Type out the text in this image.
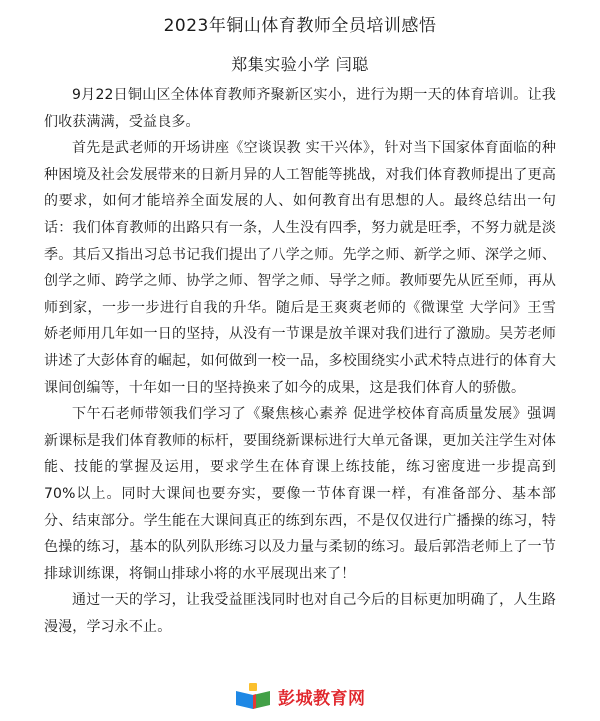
2023年铜山体育教师全员培训感悟
郑集实验小学 闫聪

9月22日铜山区全体体育教师齐聚新区实小，进行为期一天的体育培训。让我们收获满满，受益良多。

首先是武老师的开场讲座《空谈误教 实干兴体》，针对当下国家体育面临的种种困境及社会发展带来的日新月异的人工智能等挑战，对我们体育教师提出了更高的要求，如何才能培养全面发展的人、如何教育出有思想的人。最终总结出一句话：我们体育教师的出路只有一条，人生没有四季，努力就是旺季，不努力就是淡季。其后又指出习总书记我们提出了八学之师。先学之师、新学之师、深学之师、创学之师、跨学之师、协学之师、智学之师、导学之师。教师要先从匠至师，再从师到家，一步一步进行自我的升华。随后是王爽爽老师的《微课堂 大学问》王雪娇老师用几年如一日的坚持，从没有一节课是放羊课对我们进行了激励。吴芳老师讲述了大彭体育的崛起，如何做到一校一品，多校围绕实小武术特点进行的体育大课间创编等，十年如一日的坚持换来了如今的成果，这是我们体育人的骄傲。

下午石老师带领我们学习了《聚焦核心素养 促进学校体育高质量发展》强调新课标是我们体育教师的标杆，要围绕新课标进行大单元备课，更加关注学生对体能、技能的掌握及运用，要求学生在体育课上练技能，练习密度进一步提高到70%以上。同时大课间也要夯实，要像一节体育课一样，有准备部分、基本部分、结束部分。学生能在大课间真正的练到东西，不是仅仅进行广播操的练习，特色操的练习，基本的队列队形练习以及力量与柔韧的练习。最后郭浩老师上了一节排球训练课，将铜山排球小将的水平展现出来了！

通过一天的学习，让我受益匪浅同时也对自己今后的目标更加明确了，人生路漫漫，学习永不止。

彭城教育网
